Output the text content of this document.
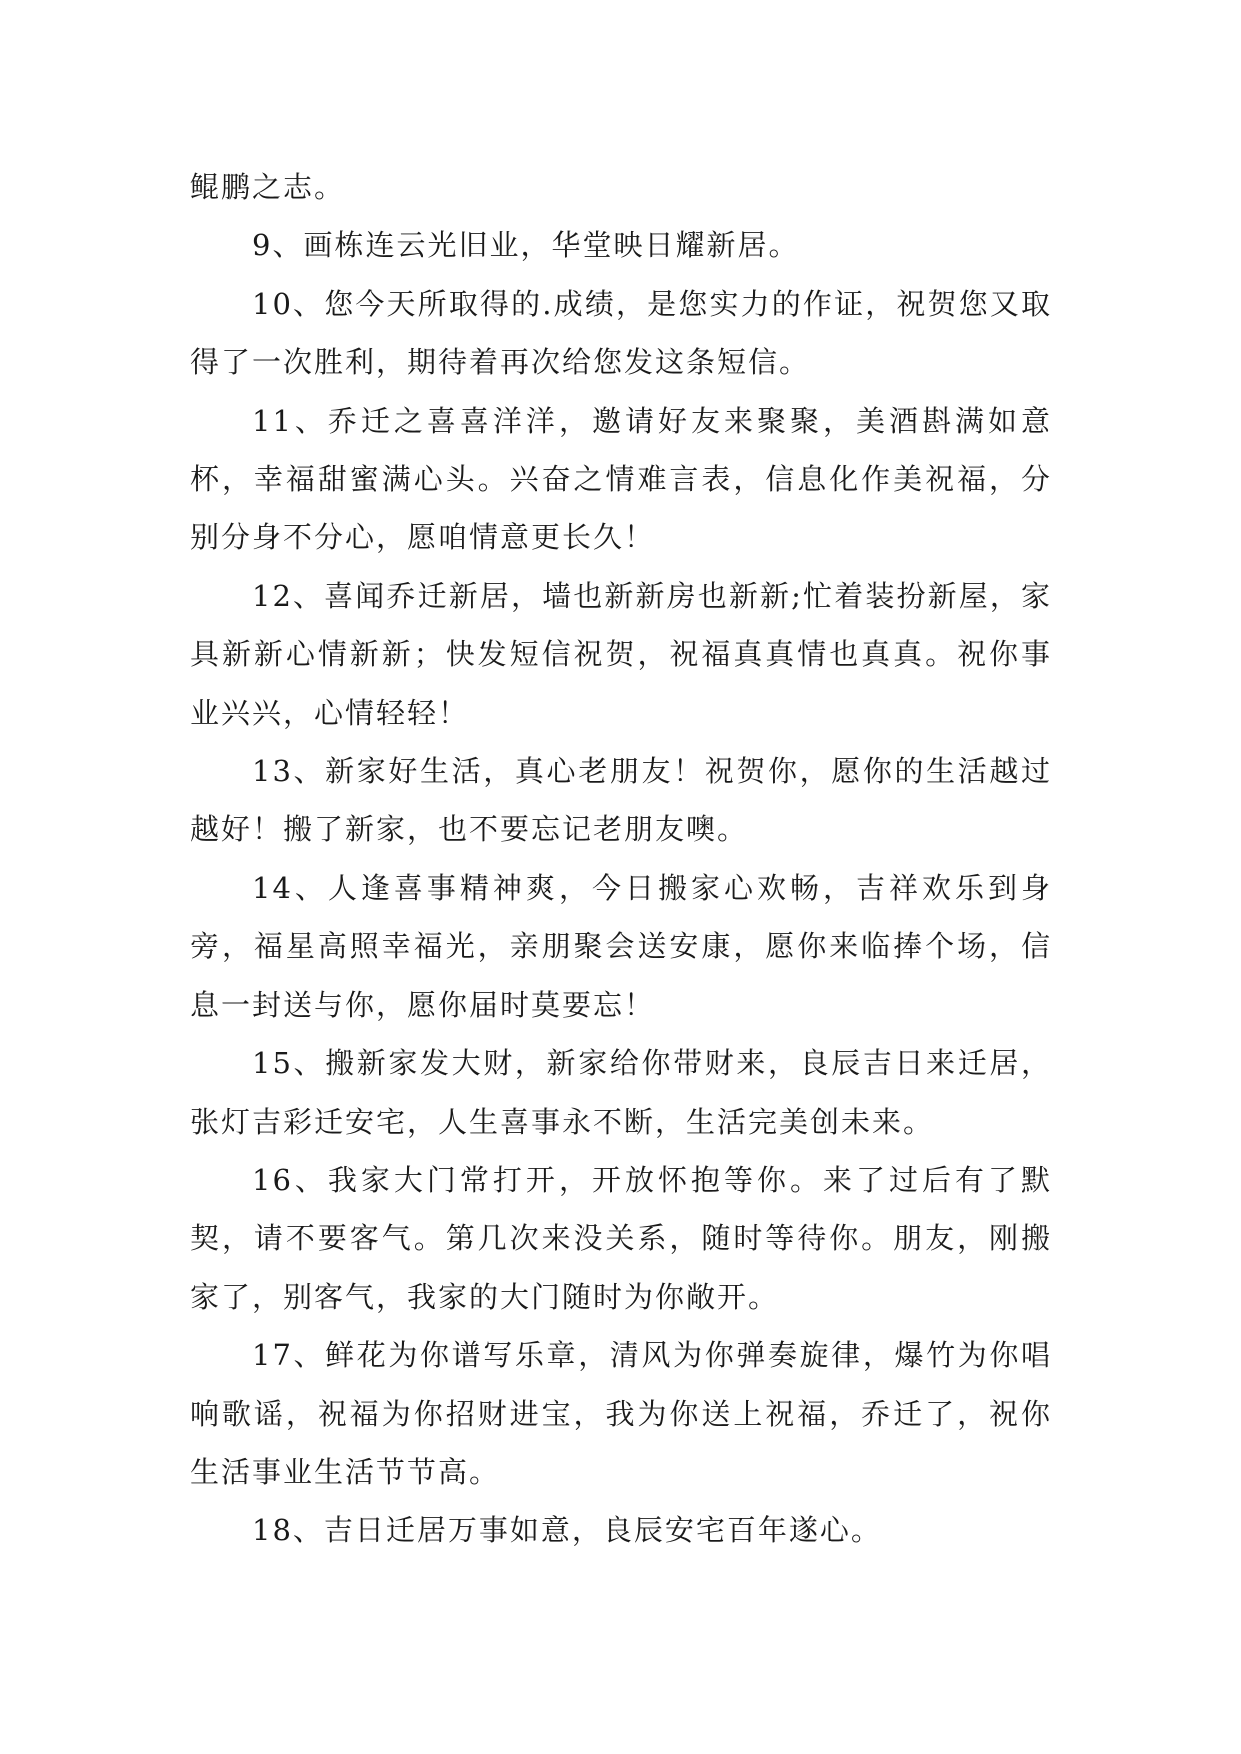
鲲鹏之志。

9、画栋连云光旧业，华堂映日耀新居。

10、您今天所取得的.成绩，是您实力的作证，祝贺您又取得了一次胜利，期待着再次给您发这条短信。

11、乔迁之喜喜洋洋，邀请好友来聚聚，美酒斟满如意杯，幸福甜蜜满心头。兴奋之情难言表，信息化作美祝福，分别分身不分心，愿咱情意更长久！

12、喜闻乔迁新居，墙也新新房也新新;忙着装扮新屋，家具新新心情新新；快发短信祝贺，祝福真真情也真真。祝你事业兴兴，心情轻轻！

13、新家好生活，真心老朋友！祝贺你，愿你的生活越过越好！搬了新家，也不要忘记老朋友噢。

14、人逢喜事精神爽，今日搬家心欢畅，吉祥欢乐到身旁，福星高照幸福光，亲朋聚会送安康，愿你来临捧个场，信息一封送与你，愿你届时莫要忘！

15、搬新家发大财，新家给你带财来，良辰吉日来迁居，张灯吉彩迁安宅，人生喜事永不断，生活完美创未来。

16、我家大门常打开，开放怀抱等你。来了过后有了默契，请不要客气。第几次来没关系，随时等待你。朋友，刚搬家了，别客气，我家的大门随时为你敞开。

17、鲜花为你谱写乐章，清风为你弹奏旋律，爆竹为你唱响歌谣，祝福为你招财进宝，我为你送上祝福，乔迁了，祝你生活事业生活节节高。

18、吉日迁居万事如意，良辰安宅百年遂心。
